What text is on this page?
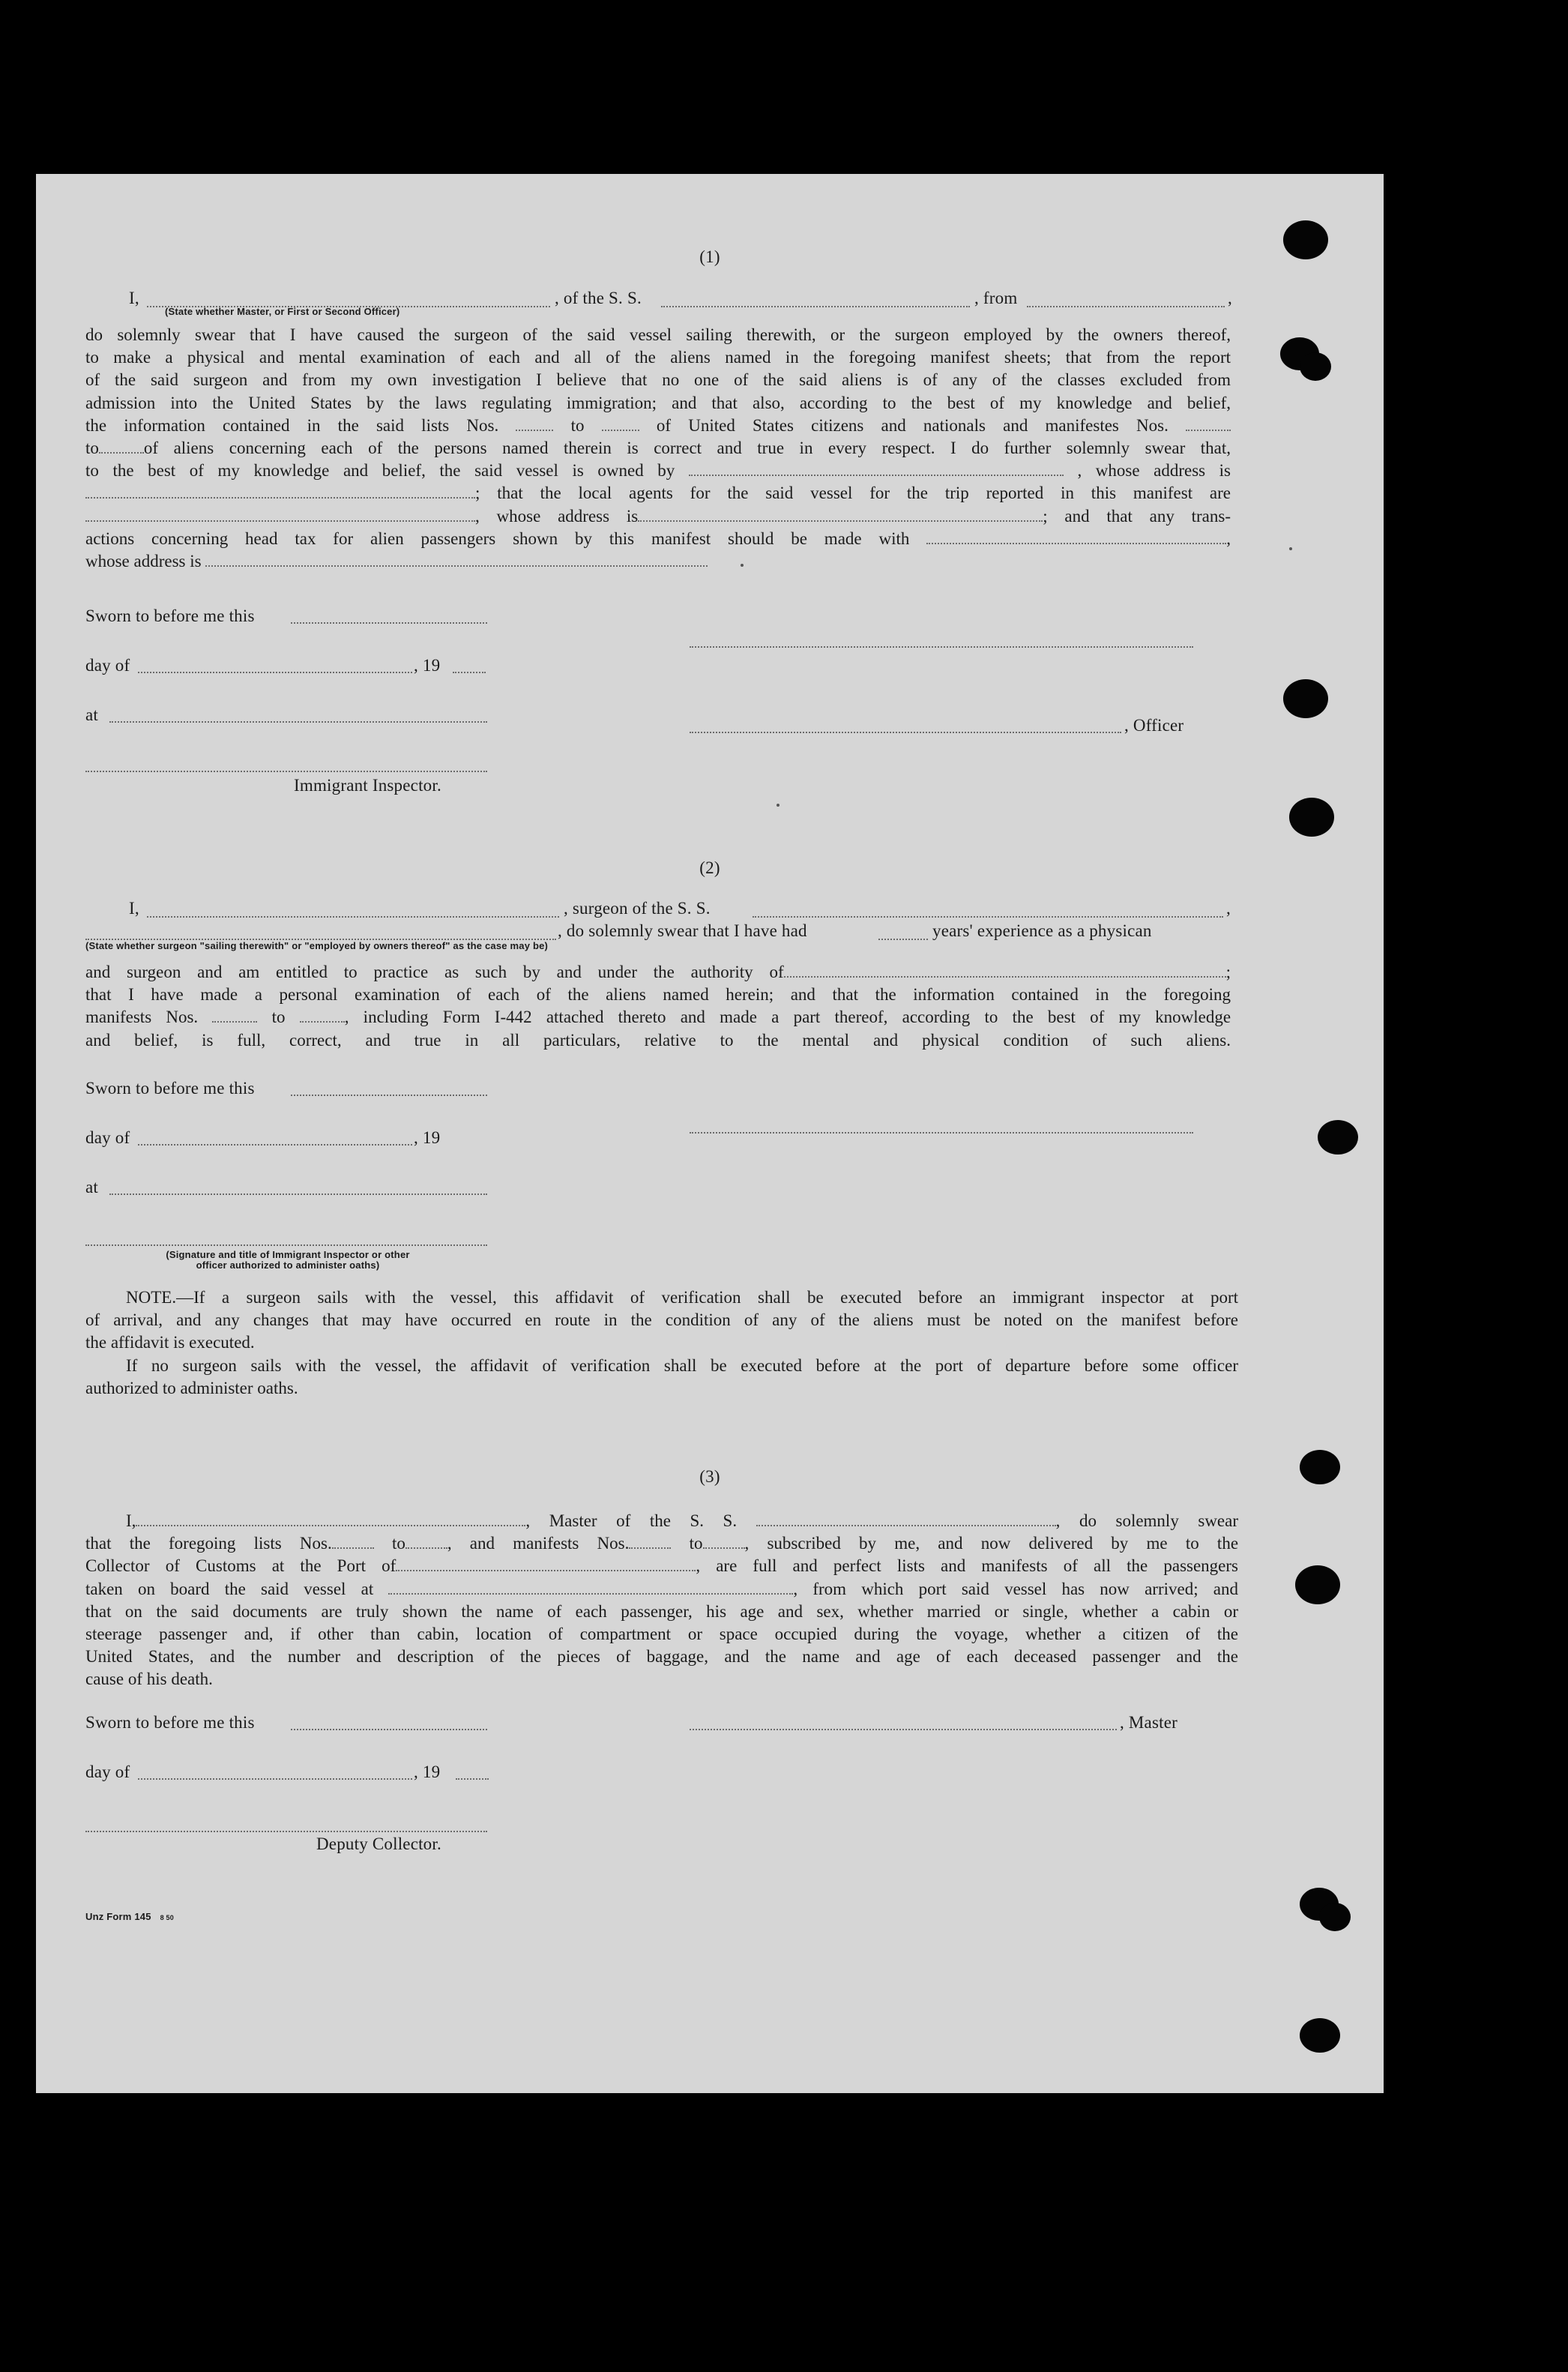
(1)
I,	, of the S. S.	, from	,
(State whether Master, or First or Second Officer)
do solemnly swear that I have caused the surgeon of the said vessel sailing therewith, or the surgeon employed by the owners thereof,
to make a physical and mental examination of each and all of the aliens named in the foregoing manifest sheets; that from the report
of the said surgeon and from my own investigation I believe that no one of the said aliens is of any of the classes excluded from
admission into the United States by the laws regulating immigration; and that also, according to the best of my knowledge and belief,
the information contained in the said lists Nos.	to	of United States citizens and nationals and manifestes Nos.
to	of aliens concerning each of the persons named therein is correct and true in every respect. I do further solemnly swear that,
to the best of my knowledge and belief, the said vessel is owned by	, whose address is
; that the local agents for the said vessel for the trip reported in this manifest are
, whose address is	; and that any trans-
actions concerning head tax for alien passengers shown by this manifest should be made with	,
whose address is
Sworn to before me this
day of	, 19
at
, Officer
Immigrant Inspector.
(2)
I,	, surgeon of the S. S.	,
, do solemnly swear that I have had	years' experience as a physican
(State whether surgeon "sailing therewith" or "employed by owners thereof" as the case may be)
and surgeon and am entitled to practice as such by and under the authority of	;
that I have made a personal examination of each of the aliens named herein; and that the information contained in the foregoing
manifests Nos.	to	, including Form I-442 attached thereto and made a part thereof, according to the best of my knowledge
and belief, is full, correct, and true in all particulars, relative to the mental and physical condition of such aliens.
Sworn to before me this
day of	, 19
at
(Signature and title of Immigrant Inspector or other
officer authorized to administer oaths)
NOTE.—If a surgeon sails with the vessel, this affidavit of verification shall be executed before an immigrant inspector at port
of arrival, and any changes that may have occurred en route in the condition of any of the aliens must be noted on the manifest before
the affidavit is executed.
If no surgeon sails with the vessel, the affidavit of verification shall be executed before at the port of departure before some officer
authorized to administer oaths.
(3)
I,	, Master of the S. S.	, do solemnly swear
that the foregoing lists Nos.	to , and manifests Nos.	to , subscribed by me, and now delivered by me to the
Collector of Customs at the Port of	, are full and perfect lists and manifests of all the passengers
taken on board the said vessel at	, from which port said vessel has now arrived; and
that on the said documents are truly shown the name of each passenger, his age and sex, whether married or single, whether a cabin or
steerage passenger and, if other than cabin, location of compartment or space occupied during the voyage, whether a citizen of the
United States, and the number and description of the pieces of baggage, and the name and age of each deceased passenger and the
cause of his death.
Sworn to before me this	, Master
day of	, 19
Deputy Collector.
Unz Form 145 8 50
